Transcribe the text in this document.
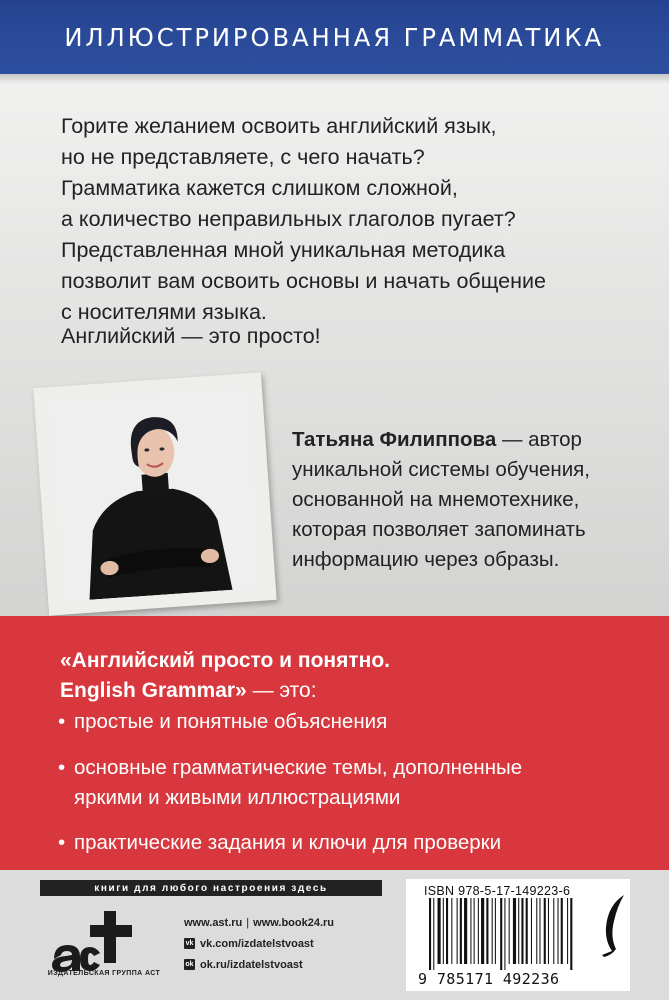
ИЛЛЮСТРИРОВАННАЯ ГРАММАТИКА

Горите желанием освоить английский язык,

но не представляете, с чего начать?

Грамматика кажется слишком сложной,

а количество неправильных глаголов пугает?

Представленная мной уникальная методика

позволит вам освоить основы и начать общение

с носителями языка.

Английский — это просто!
Татьяна Филиппова — автор
уникальной системы обучения,
основанной на мнемотехнике,
которая позволяет запоминать
информацию через образы.
«Английский просто и понятно.
English Grammar» — это:
• простые и понятные объяснения
• основные грамматические темы, дополненные
яркими и живыми иллюстрациями
• практические задания и ключи для проверки
книги для любого настроения здесь
ИЗДАТЕЛЬСКАЯ ГРУППА АСТ
www.ast.ru | www.book24.ru
vk vk.com/izdatelstvoast
ok ok.ru/izdatelstvoast
ISBN 978-5-17-149223-6
9 785171 492236
